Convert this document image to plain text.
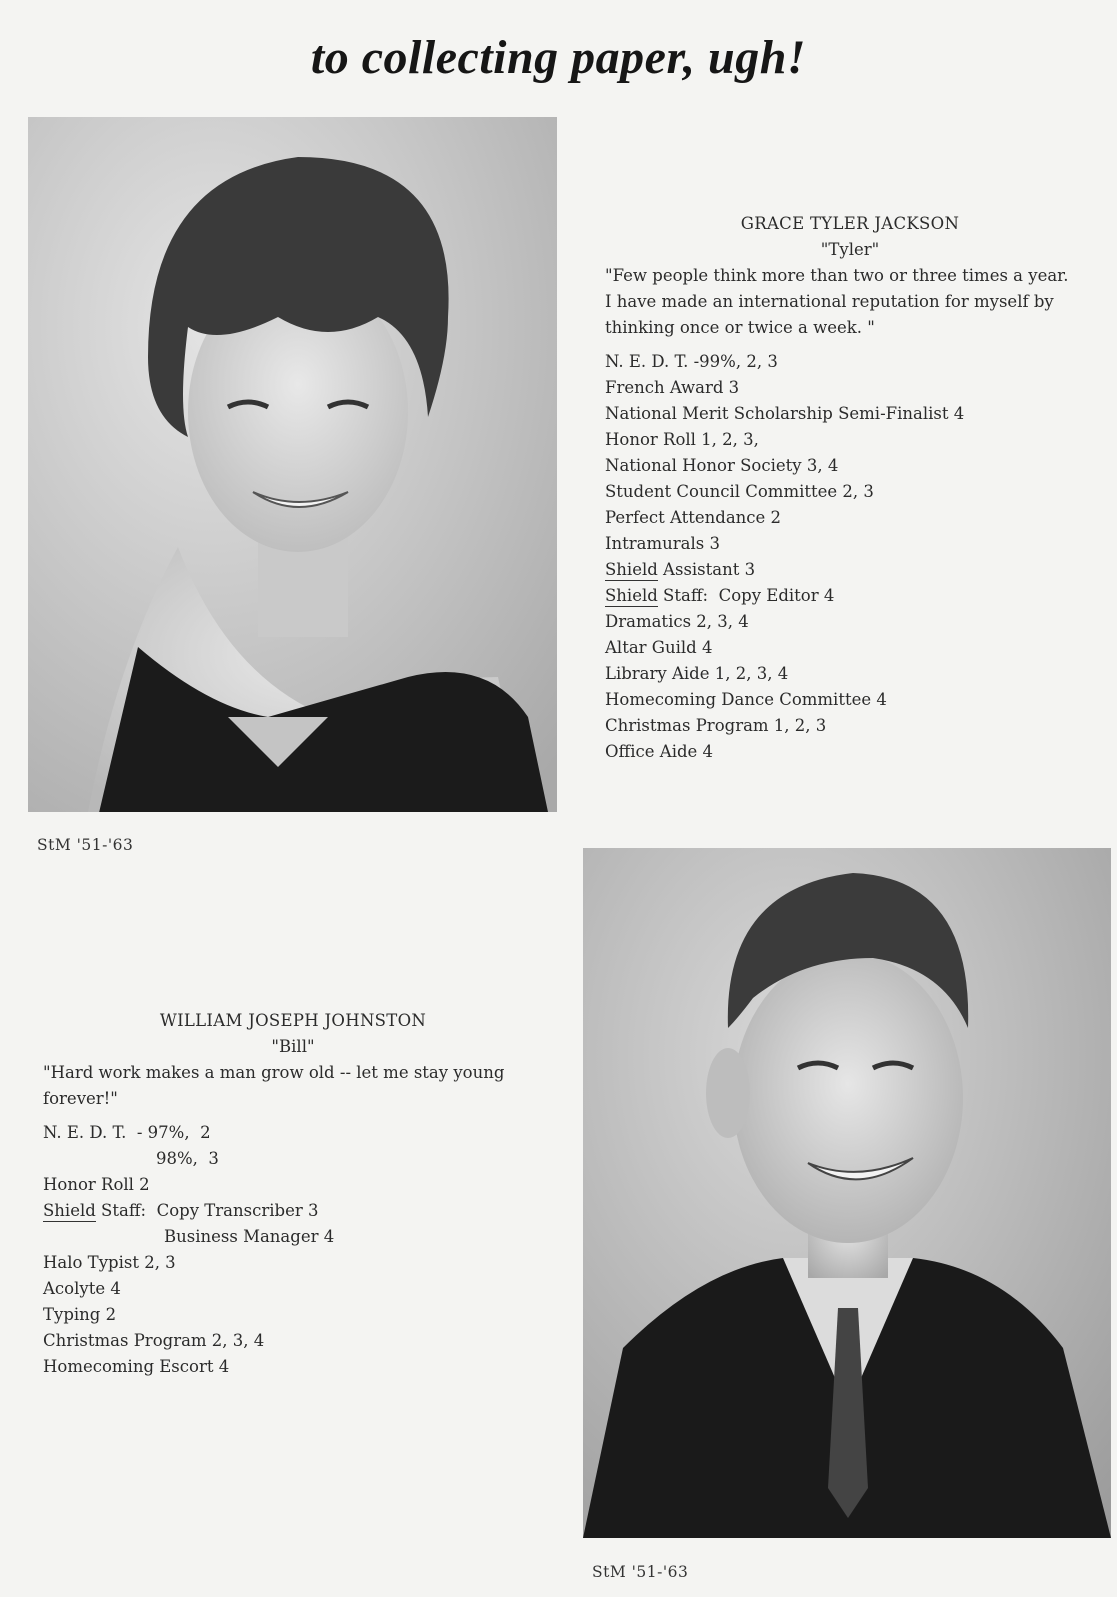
to collecting paper, ugh!
StM '51-'63
GRACE TYLER JACKSON
"Tyler"
"Few people think more than two or three times a year.
I have made an international reputation for myself by
thinking once or twice a week. "
N. E. D. T. -99%, 2, 3
French Award 3
National Merit Scholarship Semi-Finalist 4
Honor Roll 1, 2, 3,
National Honor Society 3, 4
Student Council Committee 2, 3
Perfect Attendance 2
Intramurals 3
Shield Assistant 3
Shield Staff:  Copy Editor 4
Dramatics 2, 3, 4
Altar Guild 4
Library Aide 1, 2, 3, 4
Homecoming Dance Committee 4
Christmas Program 1, 2, 3
Office Aide 4
WILLIAM JOSEPH JOHNSTON
"Bill"
"Hard work makes a man grow old -- let me stay young
forever!"
N. E. D. T.  - 97%,  2
98%,  3
Honor Roll 2
Shield Staff:  Copy Transcriber 3
Business Manager 4
Halo Typist 2, 3
Acolyte 4
Typing 2
Christmas Program 2, 3, 4
Homecoming Escort 4
StM '51-'63
